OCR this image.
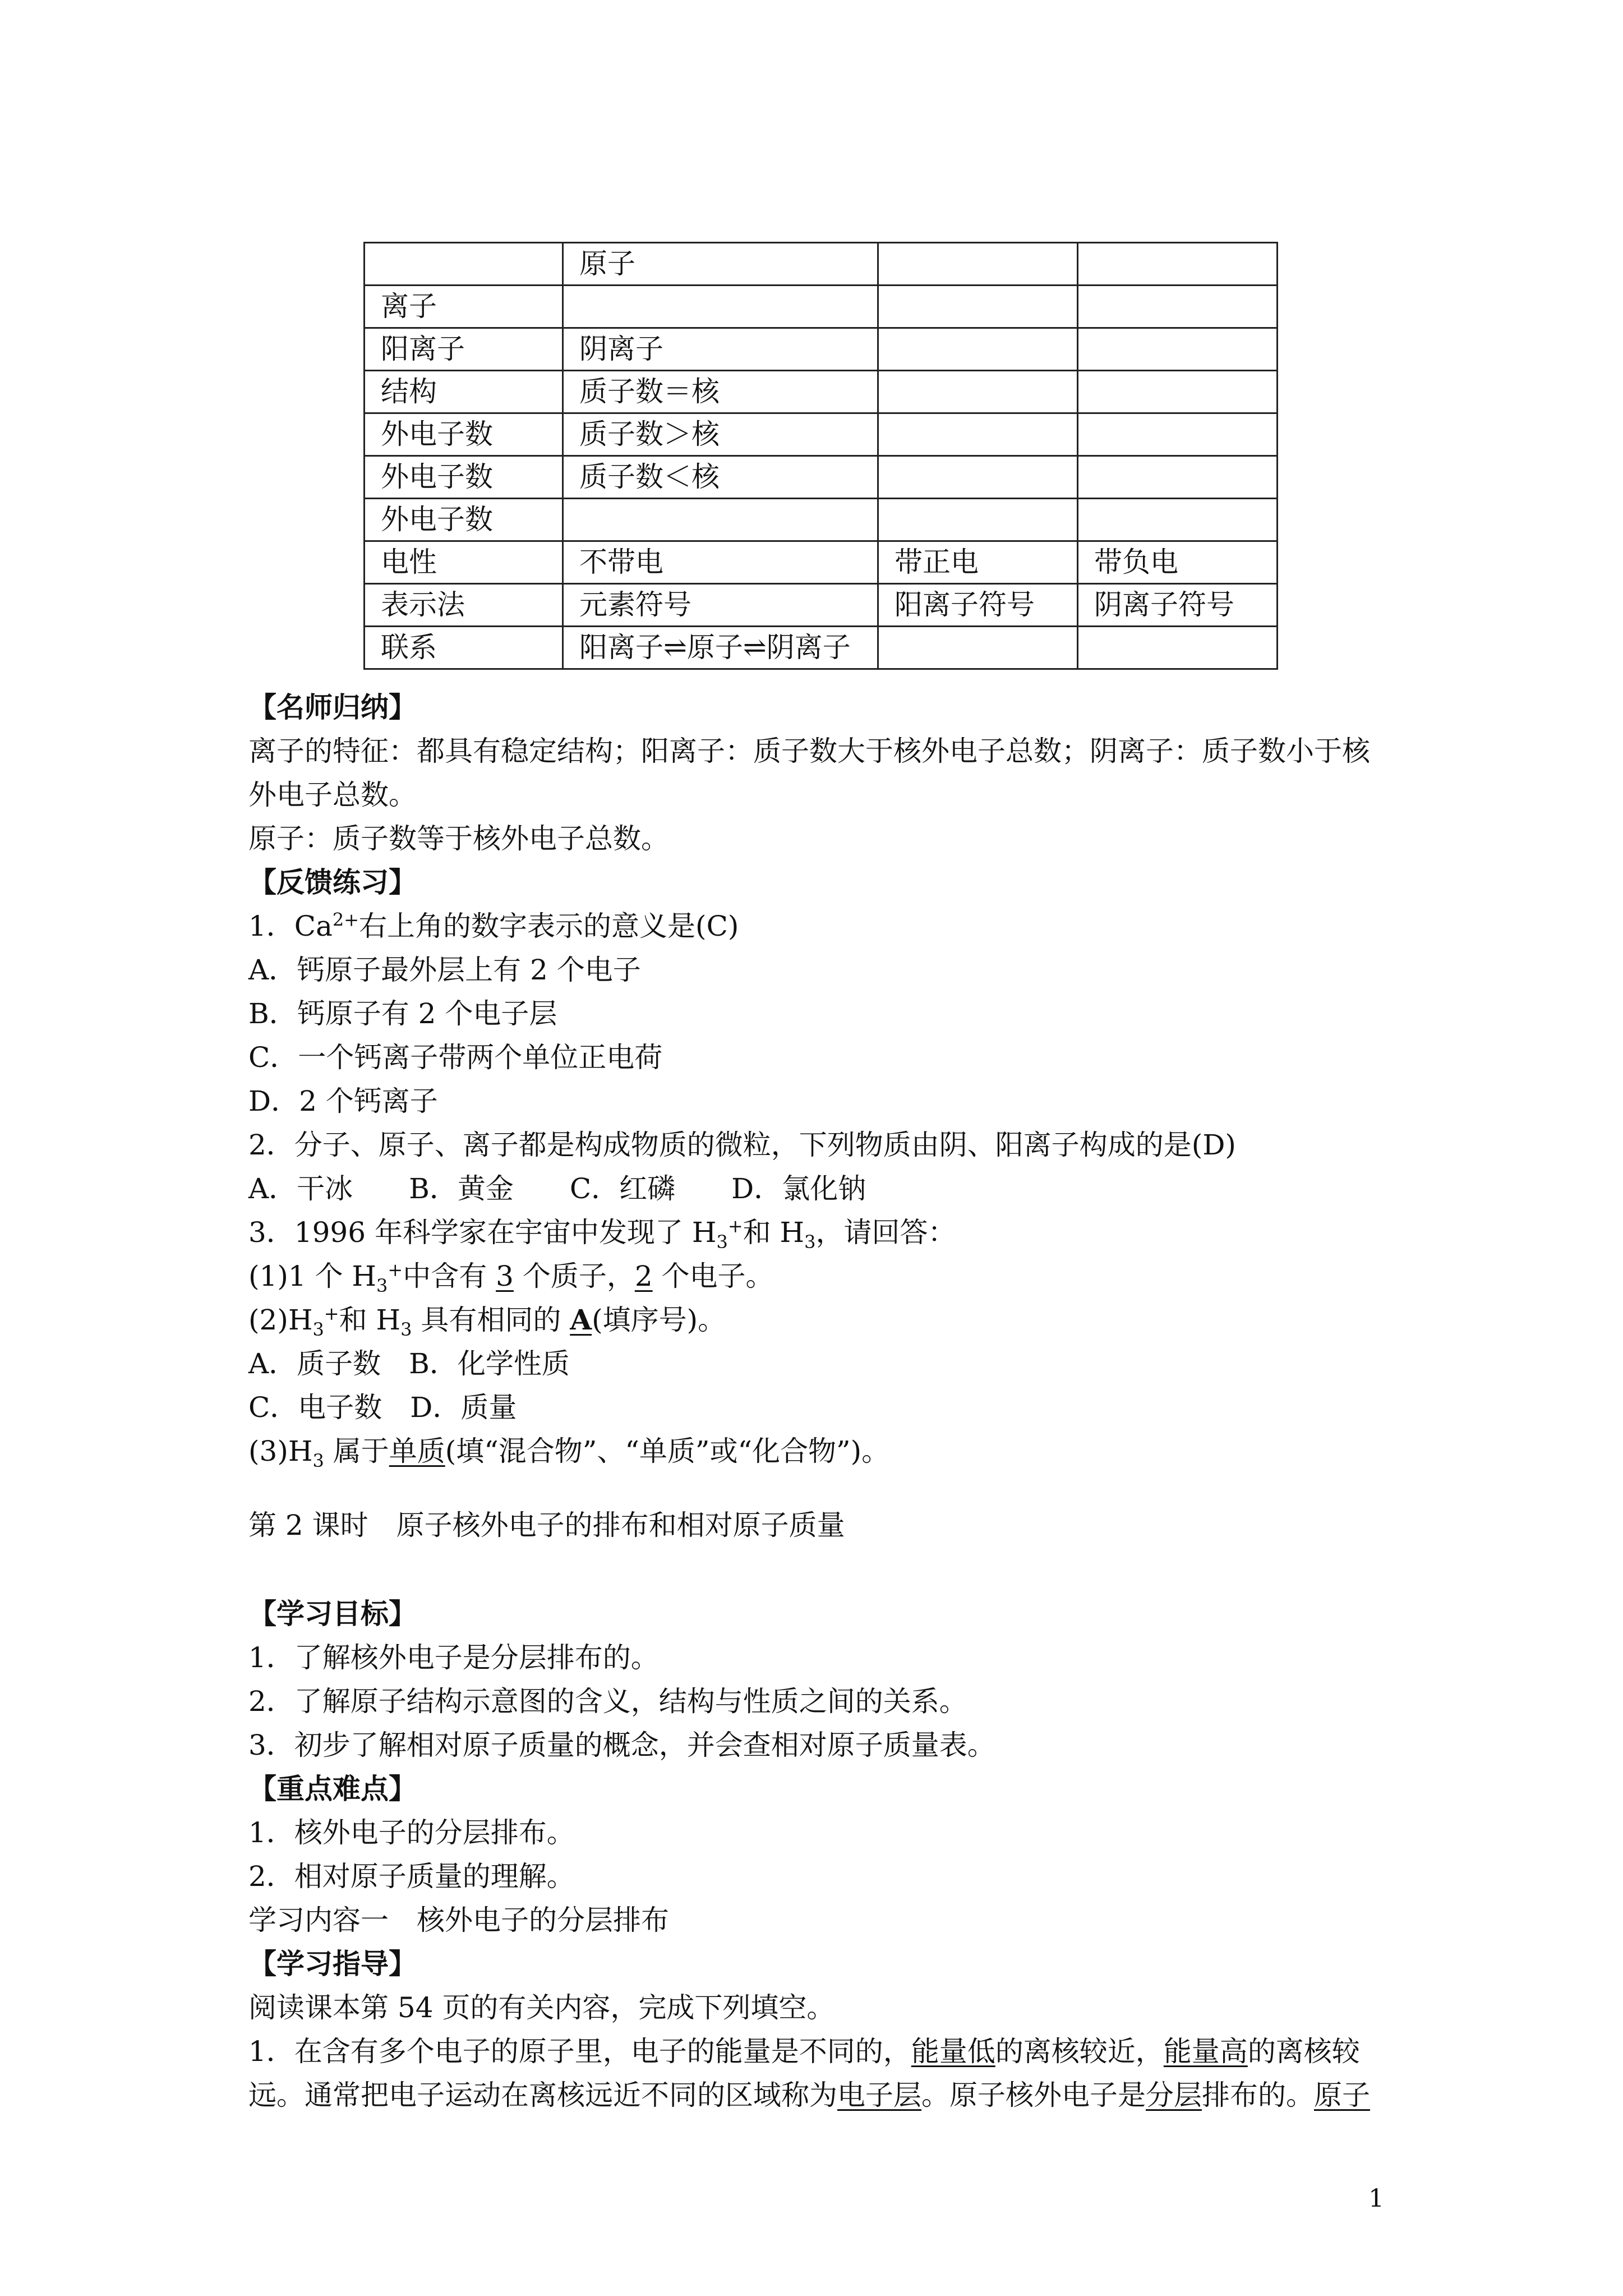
	原子		
离子			
阳离子	阴离子		
结构	质子数＝核		
外电子数	质子数＞核		
外电子数	质子数＜核		
外电子数			
电性	不带电	带正电	带负电
表示法	元素符号	阳离子符号	阴离子符号
联系	阳离子⇌原子⇌阴离子		
【名师归纳】
离子的特征：都具有稳定结构；阳离子：质子数大于核外电子总数；阴离子：质子数小于核
外电子总数。
原子：质子数等于核外电子总数。
【反馈练习】
1．$Ca^{2+}$右上角的数字表示的意义是(C)
A．钙原子最外层上有 2 个电子
B．钙原子有 2 个电子层
C．一个钙离子带两个单位正电荷
D．2 个钙离子
2．分子、原子、离子都是构成物质的微粒，下列物质由阴、阳离子构成的是(D)
A．干冰　　B．黄金　　C．红磷　　D．氯化钠
3．1996 年科学家在宇宙中发现了 $H_3^+$和 $H_3$，请回答：
(1)1 个 $H_3^+$中含有 3 个质子，2 个电子。
$(2)H_3^+$和 $H_3$ 具有相同的 A(填序号)。
A．质子数　B．化学性质
C．电子数　D．质量
$(3)H_3$ 属于单质(填“混合物”、“单质”或“化合物”)。
第 2 课时　原子核外电子的排布和相对原子质量
【学习目标】
1．了解核外电子是分层排布的。
2．了解原子结构示意图的含义，结构与性质之间的关系。
3．初步了解相对原子质量的概念，并会查相对原子质量表。
【重点难点】
1．核外电子的分层排布。
2．相对原子质量的理解。
学习内容一　核外电子的分层排布
【学习指导】
阅读课本第 54 页的有关内容，完成下列填空。
1．在含有多个电子的原子里，电子的能量是不同的，能量低的离核较近，能量高的离核较
远。通常把电子运动在离核远近不同的区域称为电子层。原子核外电子是分层排布的。原子
1
